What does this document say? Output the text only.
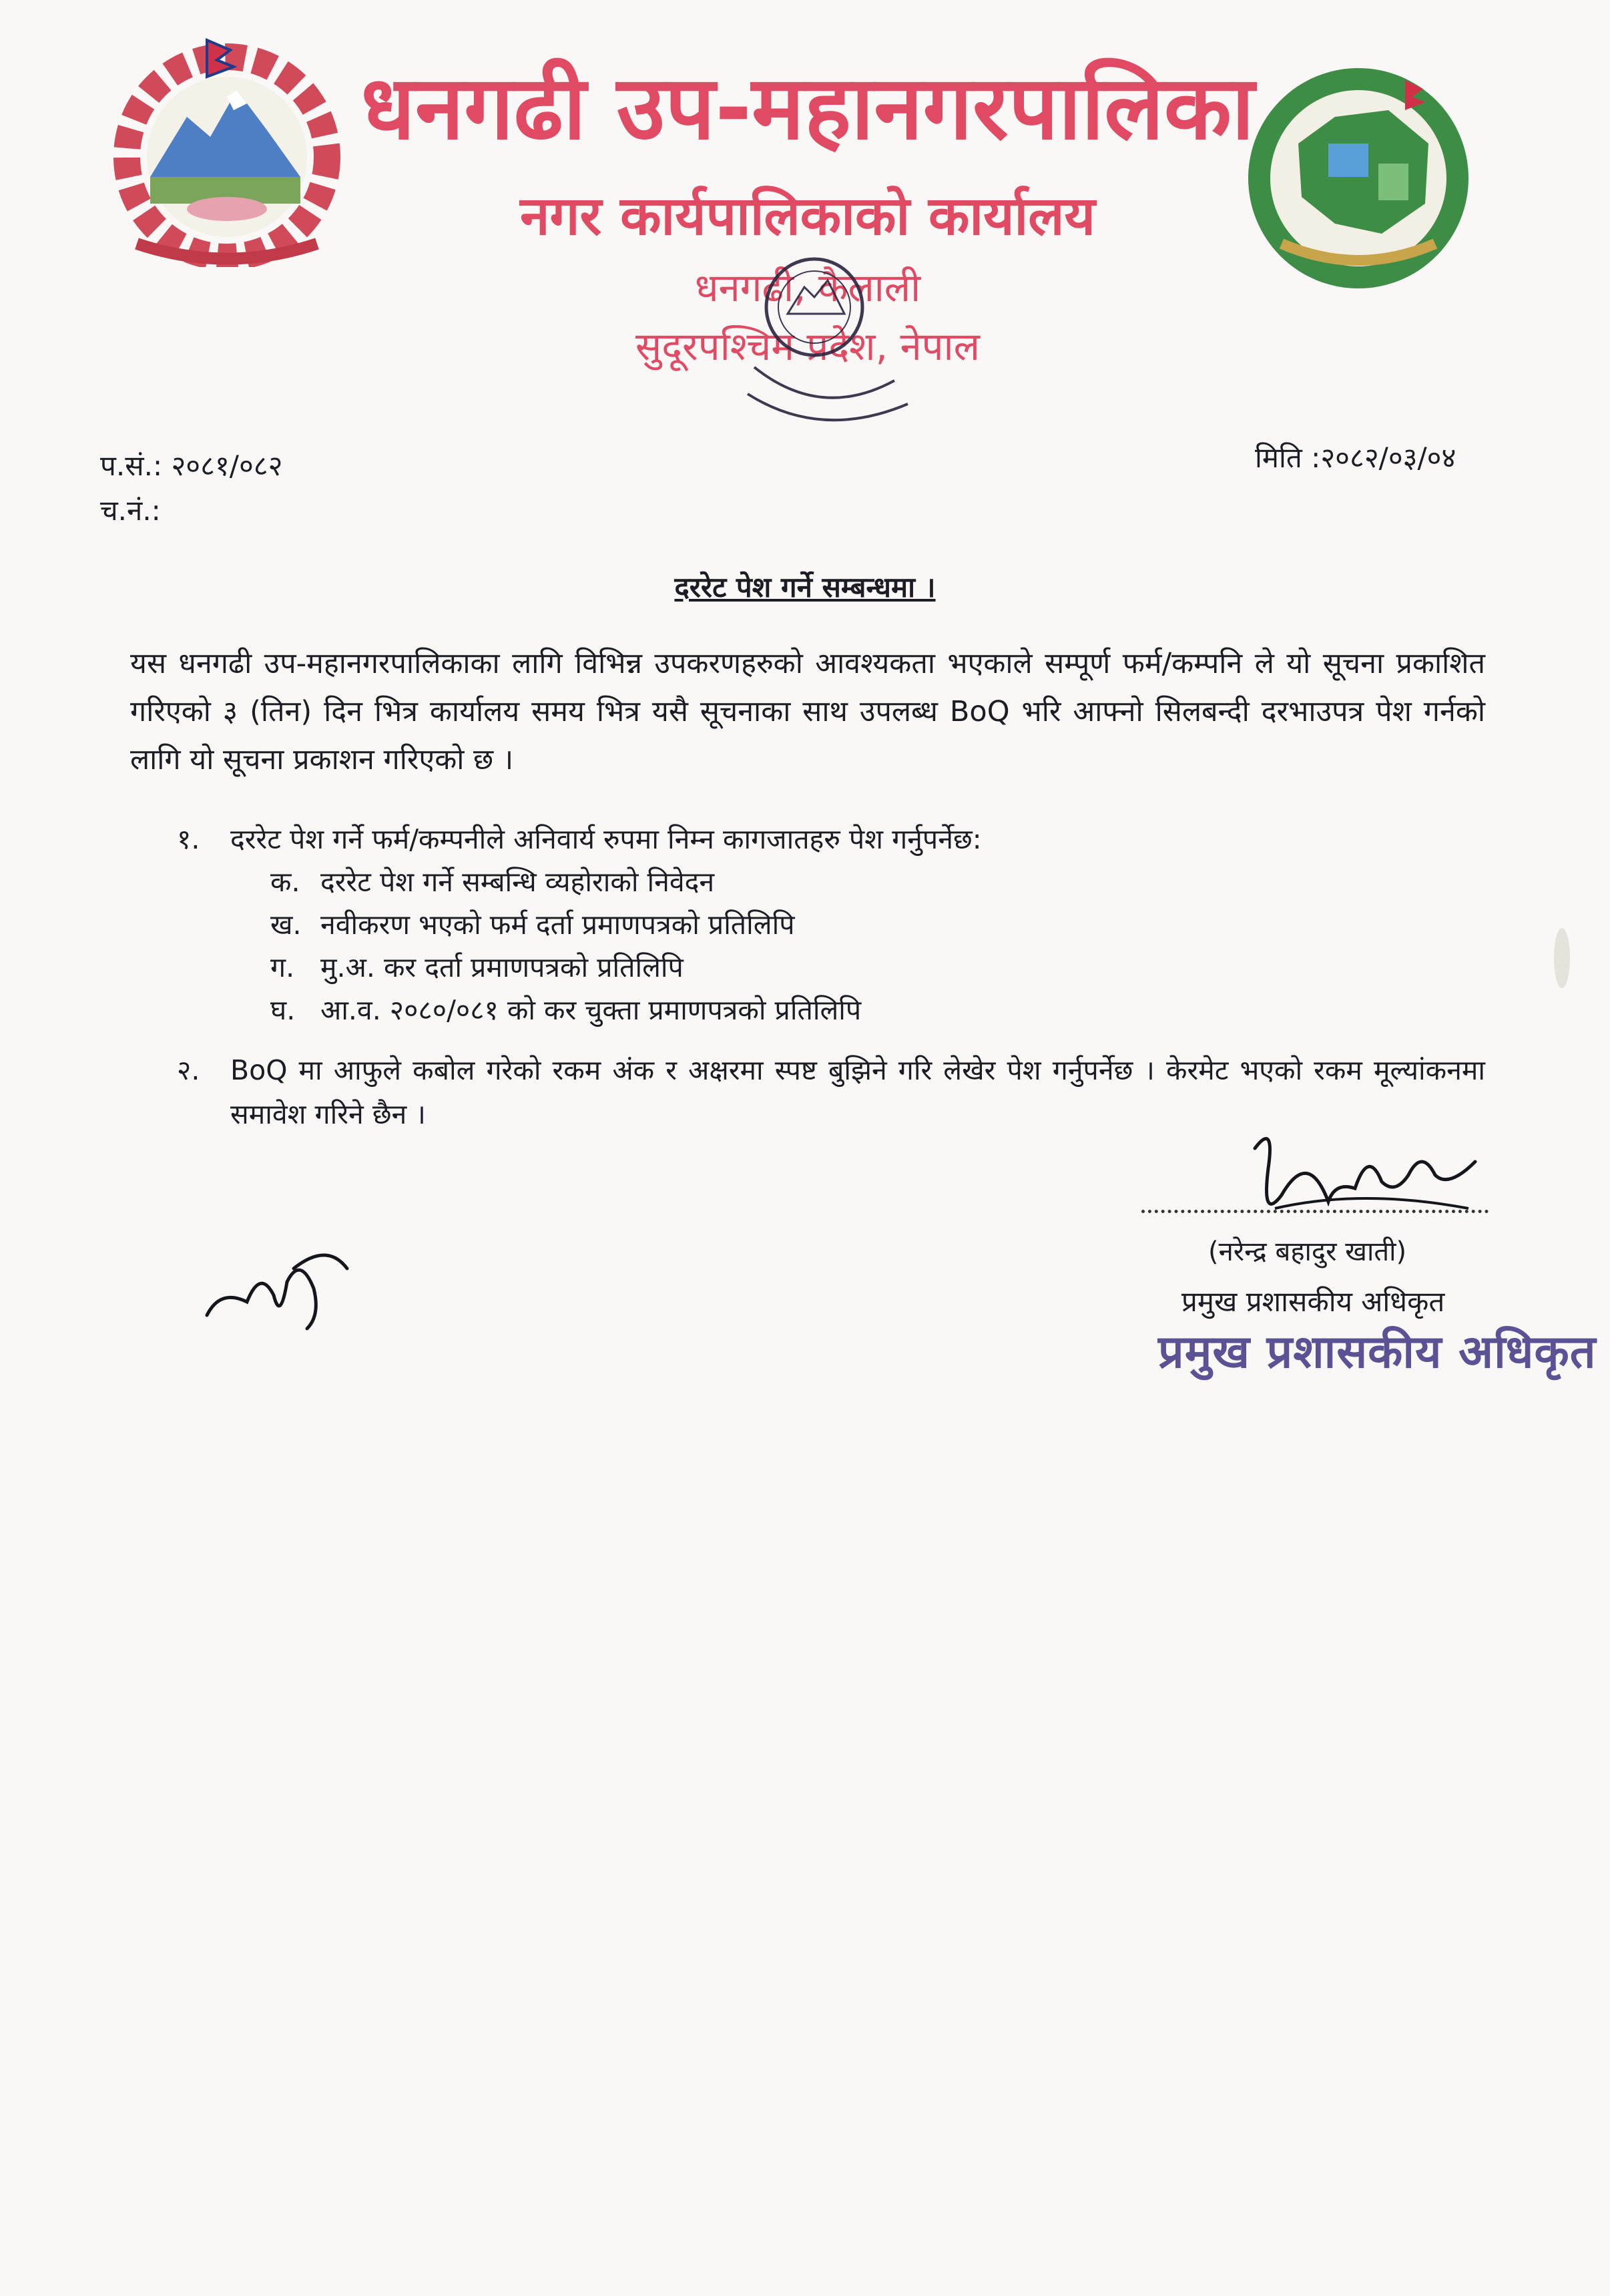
धनगढी उप-महानगरपालिका
नगर कार्यपालिकाको कार्यालय
धनगढी, कैलाली
सुदूरपश्चिम प्रदेश, नेपाल
प.सं.: २०८१/०८२
च.नं.:
मिति :२०८२/०३/०४
दररेट पेश गर्ने सम्बन्धमा ।
यस धनगढी उप-महानगरपालिकाका लागि विभिन्न उपकरणहरुको आवश्यकता भएकाले सम्पूर्ण फर्म/कम्पनि ले यो सूचना प्रकाशित गरिएको ३ (तिन) दिन भित्र कार्यालय समय भित्र यसै सूचनाका साथ उपलब्ध BoQ भरि आफ्नो सिलबन्दी दरभाउपत्र पेश गर्नको लागि यो सूचना प्रकाशन गरिएको छ ।
१.	दररेट पेश गर्ने फर्म/कम्पनीले अनिवार्य रुपमा निम्न कागजातहरु पेश गर्नुपर्नेछ:
क. दररेट पेश गर्ने सम्बन्धि व्यहोराको निवेदन
ख. नवीकरण भएको फर्म दर्ता प्रमाणपत्रको प्रतिलिपि
ग. मु.अ. कर दर्ता प्रमाणपत्रको प्रतिलिपि
घ. आ.व. २०८०/०८१ को कर चुक्ता प्रमाणपत्रको प्रतिलिपि
२.	BoQ मा आफुले कबोल गरेको रकम अंक र अक्षरमा स्पष्ट बुझिने गरि लेखेर पेश गर्नुपर्नेछ । केरमेट भएको रकम मूल्यांकनमा समावेश गरिने छैन ।
(नरेन्द्र बहादुर खाती)
प्रमुख प्रशासकीय अधिकृत
प्रमुख प्रशासकीय अधिकृत
